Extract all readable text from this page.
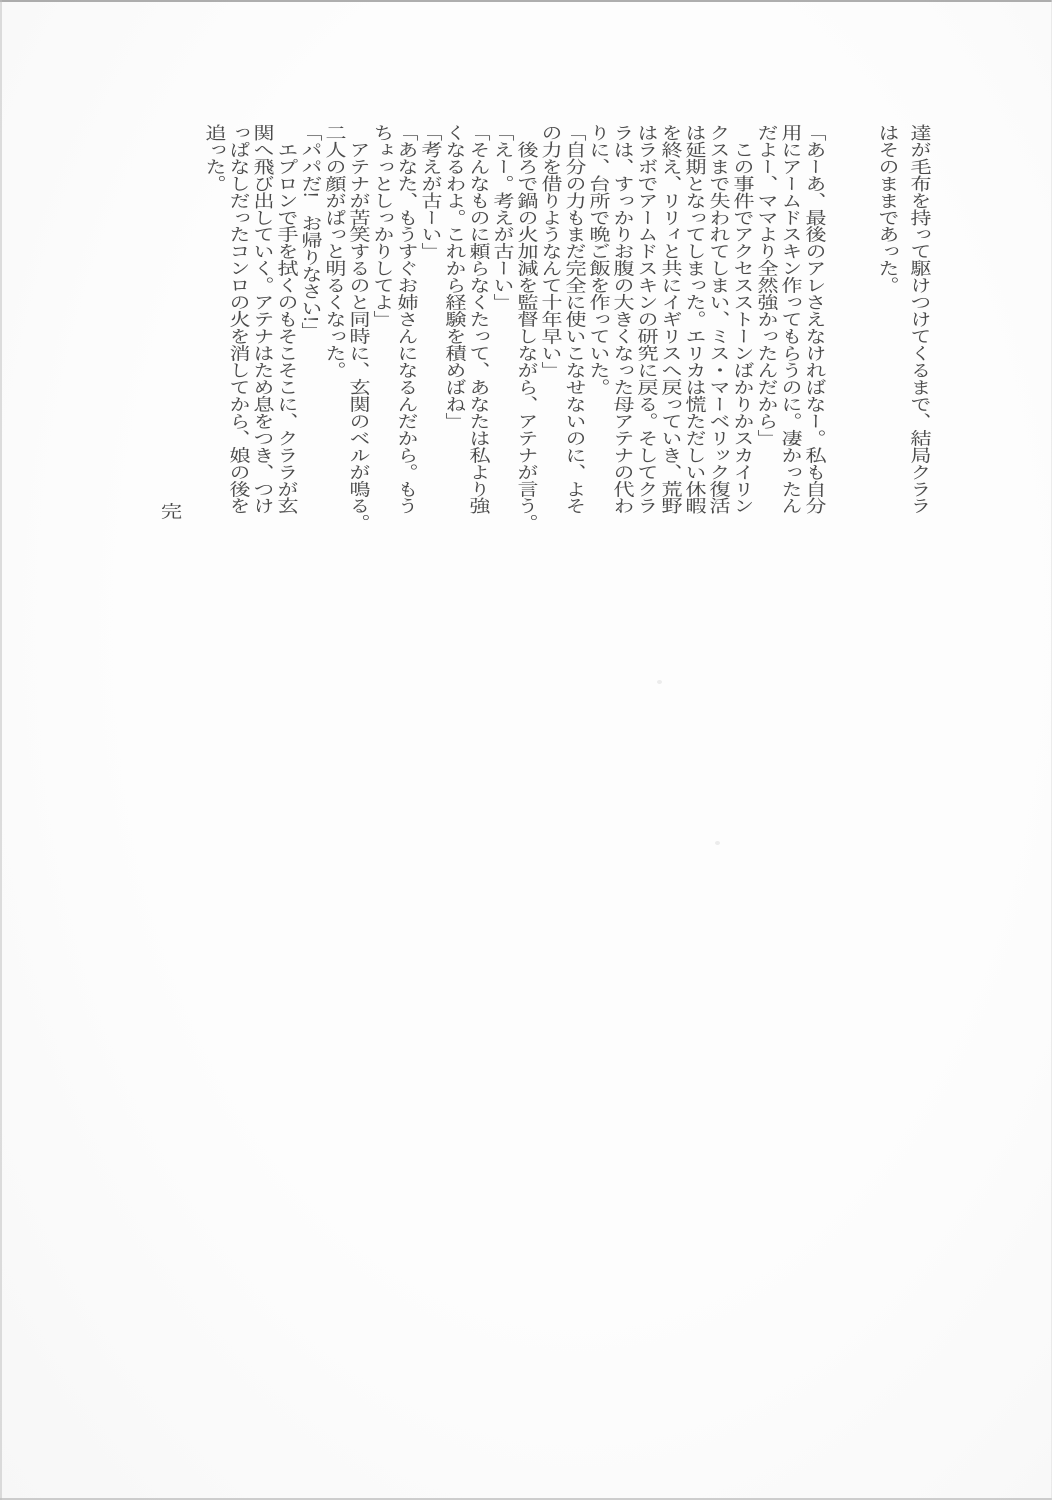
達が毛布を持って駆けつけてくるまで、結局クララ
はそのままであった。
「あーあ、最後のアレさえなければなー。私も自分
用にアームドスキン作ってもらうのに。凄かったん
だよー、ママより全然強かったんだから」
　この事件でアクセスストーンばかりかスカイリン
クスまで失われてしまい、ミス・マーベリック復活
は延期となってしまった。エリカは慌ただしい休暇
を終え、リリィと共にイギリスへ戻っていき、荒野
はラボでアームドスキンの研究に戻る。そしてクラ
ラは、すっかりお腹の大きくなった母アテナの代わ
りに、台所で晩ご飯を作っていた。
「自分の力もまだ完全に使いこなせないのに、よそ
の力を借りようなんて十年早い」
　後ろで鍋の火加減を監督しながら、アテナが言う。
「えー。考えが古ーい」
「そんなものに頼らなくたって、あなたは私より強
くなるわよ。これから経験を積めばね」
「考えが古ーい」
「あなた、もうすぐお姉さんになるんだから。もう
ちょっとしっかりしてよ」
　アテナが苦笑するのと同時に、玄関のベルが鳴る。
二人の顔がぱっと明るくなった。
「パパだ!　お帰りなさい!」
　エプロンで手を拭くのもそこそこに、クララが玄
関へ飛び出していく。アテナはため息をつき、つけ
っぱなしだったコンロの火を消してから、娘の後を
追った。
完
